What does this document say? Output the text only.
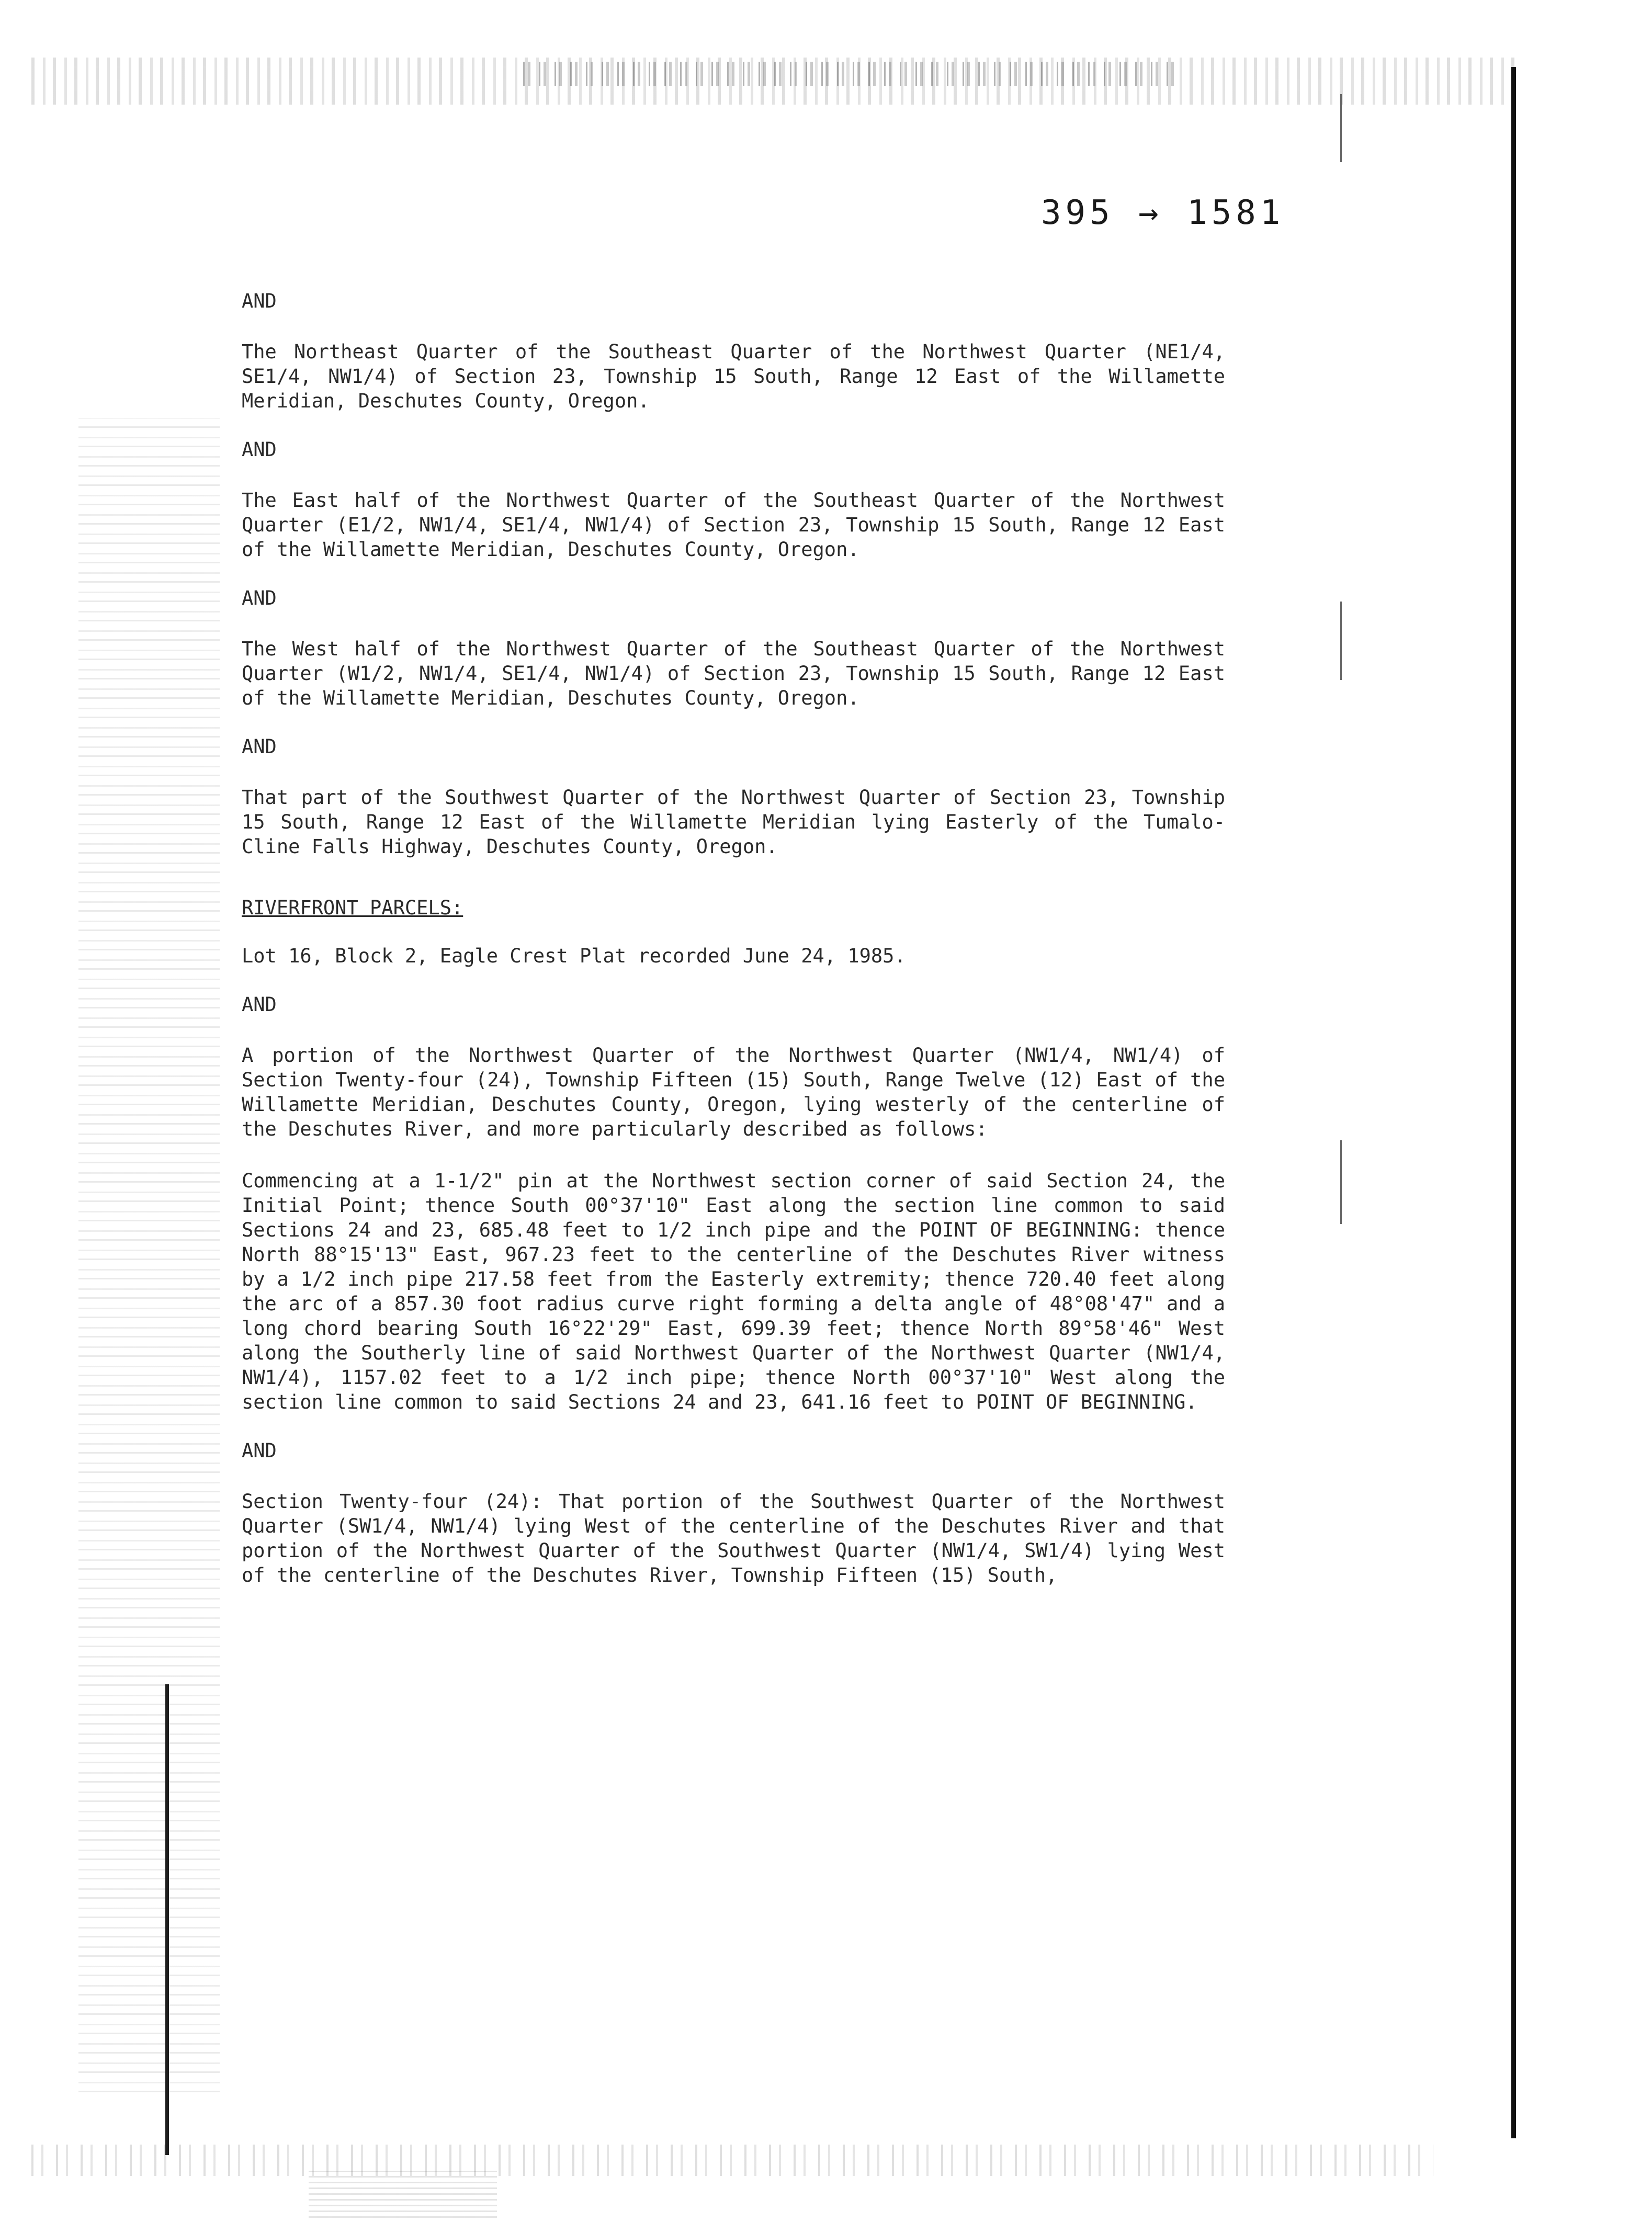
395 → 1581

AND

The Northeast Quarter of the Southeast Quarter of the Northwest Quarter (NE1/4, SE1/4, NW1/4) of Section 23, Township 15 South, Range 12 East of the Willamette Meridian, Deschutes County, Oregon.

AND

The East half of the Northwest Quarter of the Southeast Quarter of the Northwest Quarter (E1/2, NW1/4, SE1/4, NW1/4) of Section 23, Township 15 South, Range 12 East of the Willamette Meridian, Deschutes County, Oregon.

AND

The West half of the Northwest Quarter of the Southeast Quarter of the Northwest Quarter (W1/2, NW1/4, SE1/4, NW1/4) of Section 23, Township 15 South, Range 12 East of the Willamette Meridian, Deschutes County, Oregon.

AND

That part of the Southwest Quarter of the Northwest Quarter of Section 23, Township 15 South, Range 12 East of the Willamette Meridian lying Easterly of the Tumalo-Cline Falls Highway, Deschutes County, Oregon.

RIVERFRONT PARCELS:

Lot 16, Block 2, Eagle Crest Plat recorded June 24, 1985.

AND

A portion of the Northwest Quarter of the Northwest Quarter (NW1/4, NW1/4) of Section Twenty-four (24), Township Fifteen (15) South, Range Twelve (12) East of the Willamette Meridian, Deschutes County, Oregon, lying westerly of the centerline of the Deschutes River, and more particularly described as follows:

Commencing at a 1-1/2" pin at the Northwest section corner of said Section 24, the Initial Point; thence South 00°37'10" East along the section line common to said Sections 24 and 23, 685.48 feet to 1/2 inch pipe and the POINT OF BEGINNING: thence North 88°15'13" East, 967.23 feet to the centerline of the Deschutes River witness by a 1/2 inch pipe 217.58 feet from the Easterly extremity; thence 720.40 feet along the arc of a 857.30 foot radius curve right forming a delta angle of 48°08'47" and a long chord bearing South 16°22'29" East, 699.39 feet; thence North 89°58'46" West along the Southerly line of said Northwest Quarter of the Northwest Quarter (NW1/4, NW1/4), 1157.02 feet to a 1/2 inch pipe; thence North 00°37'10" West along the section line common to said Sections 24 and 23, 641.16 feet to POINT OF BEGINNING.

AND

Section Twenty-four (24): That portion of the Southwest Quarter of the Northwest Quarter (SW1/4, NW1/4) lying West of the centerline of the Deschutes River and that portion of the Northwest Quarter of the Southwest Quarter (NW1/4, SW1/4) lying West of the centerline of the Deschutes River, Township Fifteen (15) South,
